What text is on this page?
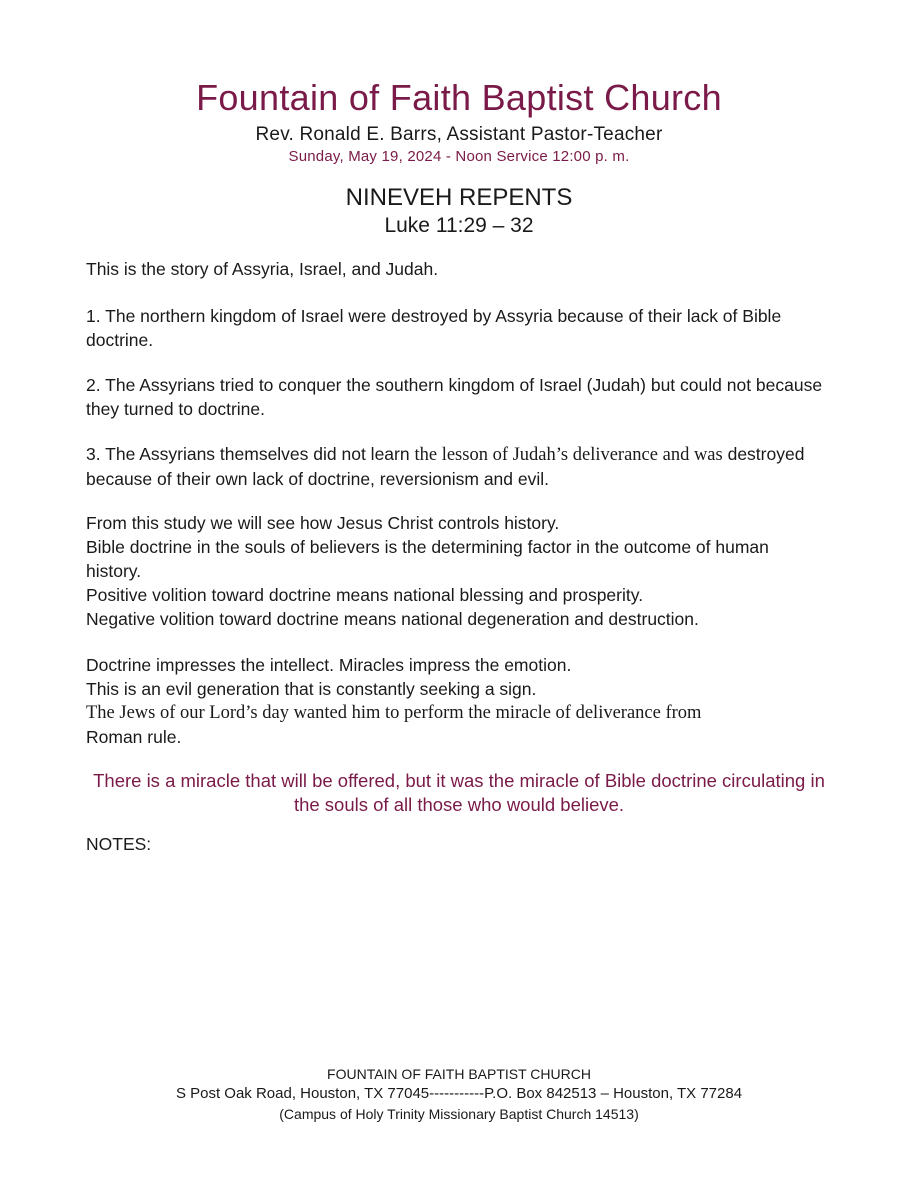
Fountain of Faith Baptist Church
Rev. Ronald E. Barrs, Assistant Pastor-Teacher
Sunday, May 19, 2024 - Noon Service 12:00 p. m.
NINEVEH REPENTS
Luke 11:29 – 32
This is the story of Assyria, Israel, and Judah.
1. The northern kingdom of Israel were destroyed by Assyria because of their lack of Bible doctrine.
2. The Assyrians tried to conquer the southern kingdom of Israel (Judah) but could not because they turned to doctrine.
3. The Assyrians themselves did not learn the lesson of Judah’s deliverance and was destroyed because of their own lack of doctrine, reversionism and evil.
From this study we will see how Jesus Christ controls history.
Bible doctrine in the souls of believers is the determining factor in the outcome of human history.
Positive volition toward doctrine means national blessing and prosperity.
Negative volition toward doctrine means national degeneration and destruction.
Doctrine impresses the intellect. Miracles impress the emotion.
This is an evil generation that is constantly seeking a sign.
The Jews of our Lord’s day wanted him to perform the miracle of deliverance from
Roman rule.
There is a miracle that will be offered, but it was the miracle of Bible doctrine circulating in the souls of all those who would believe.
NOTES:
FOUNTAIN OF FAITH BAPTIST CHURCH
S Post Oak Road, Houston, TX 77045-----------P.O. Box 842513 – Houston, TX 77284
(Campus of Holy Trinity Missionary Baptist Church 14513)
